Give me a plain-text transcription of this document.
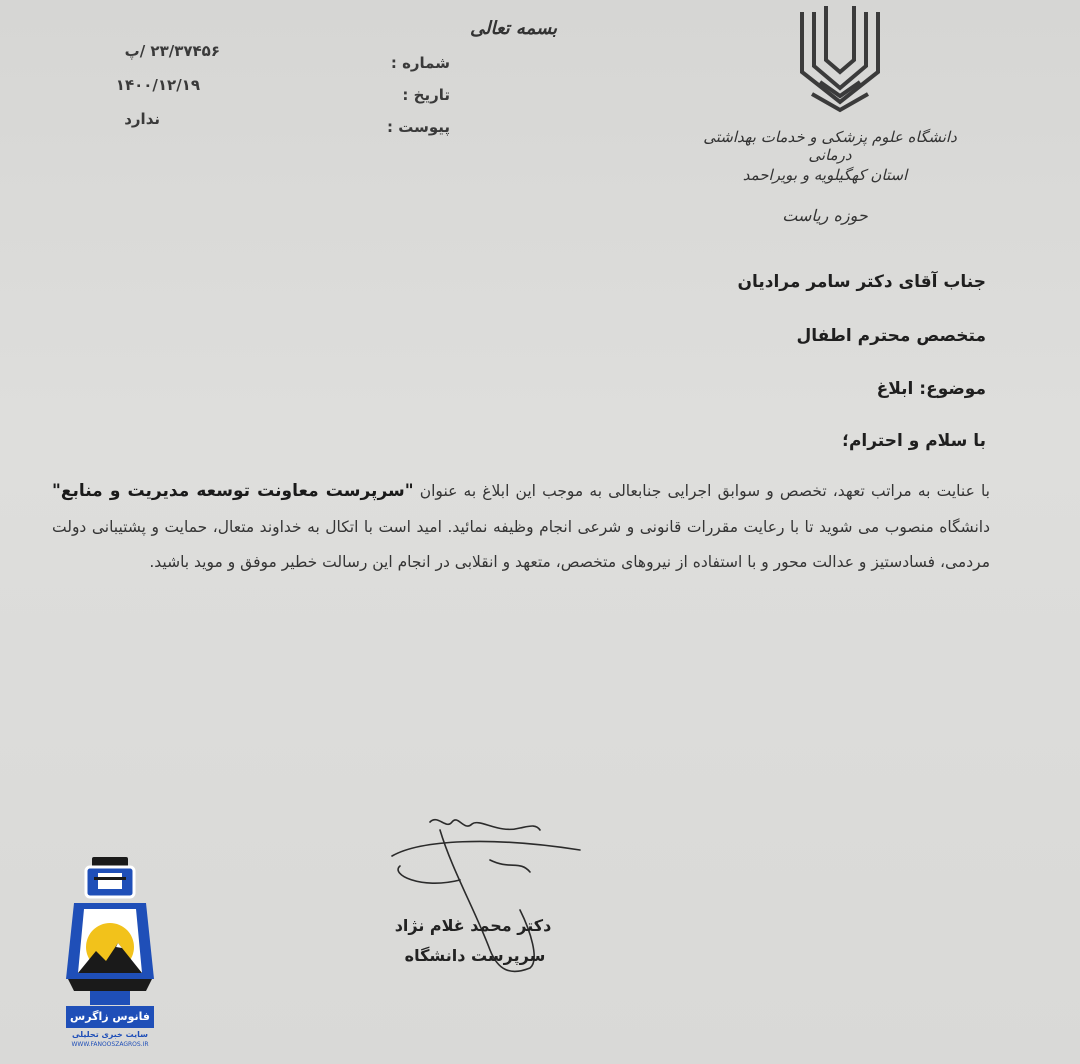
بسمه تعالی
شماره :
تاریخ :
پیوست :
۲۳/۳۷۴۵۶ /پ
۱۴۰۰/۱۲/۱۹
ندارد
دانشگاه علوم پزشکی و خدمات بهداشتی درمانی
استان کهگیلویه و بویراحمد
حوزه ریاست
جناب آقای دکتر سامر مرادیان
متخصص محترم اطفال
موضوع: ابلاغ
با سلام و احترام؛
با عنایت به مراتب تعهد، تخصص و سوابق اجرایی جنابعالی به موجب این ابلاغ به عنوان "سرپرست معاونت توسعه مدیریت و منابع" دانشگاه منصوب می شوید تا با رعایت مقررات قانونی و شرعی انجام وظیفه نمائید. امید است با اتکال به خداوند متعال، حمایت و پشتیبانی دولت مردمی، فسادستیز و عدالت محور و با استفاده از نیروهای متخصص، متعهد و انقلابی در انجام این رسالت خطیر موفق و موید باشید.
دکتر محمد غلام نژاد
سرپرست دانشگاه
فانوس زاگرس
سایت خبری تحلیلی
WWW.FANOOSZAGROS.IR
